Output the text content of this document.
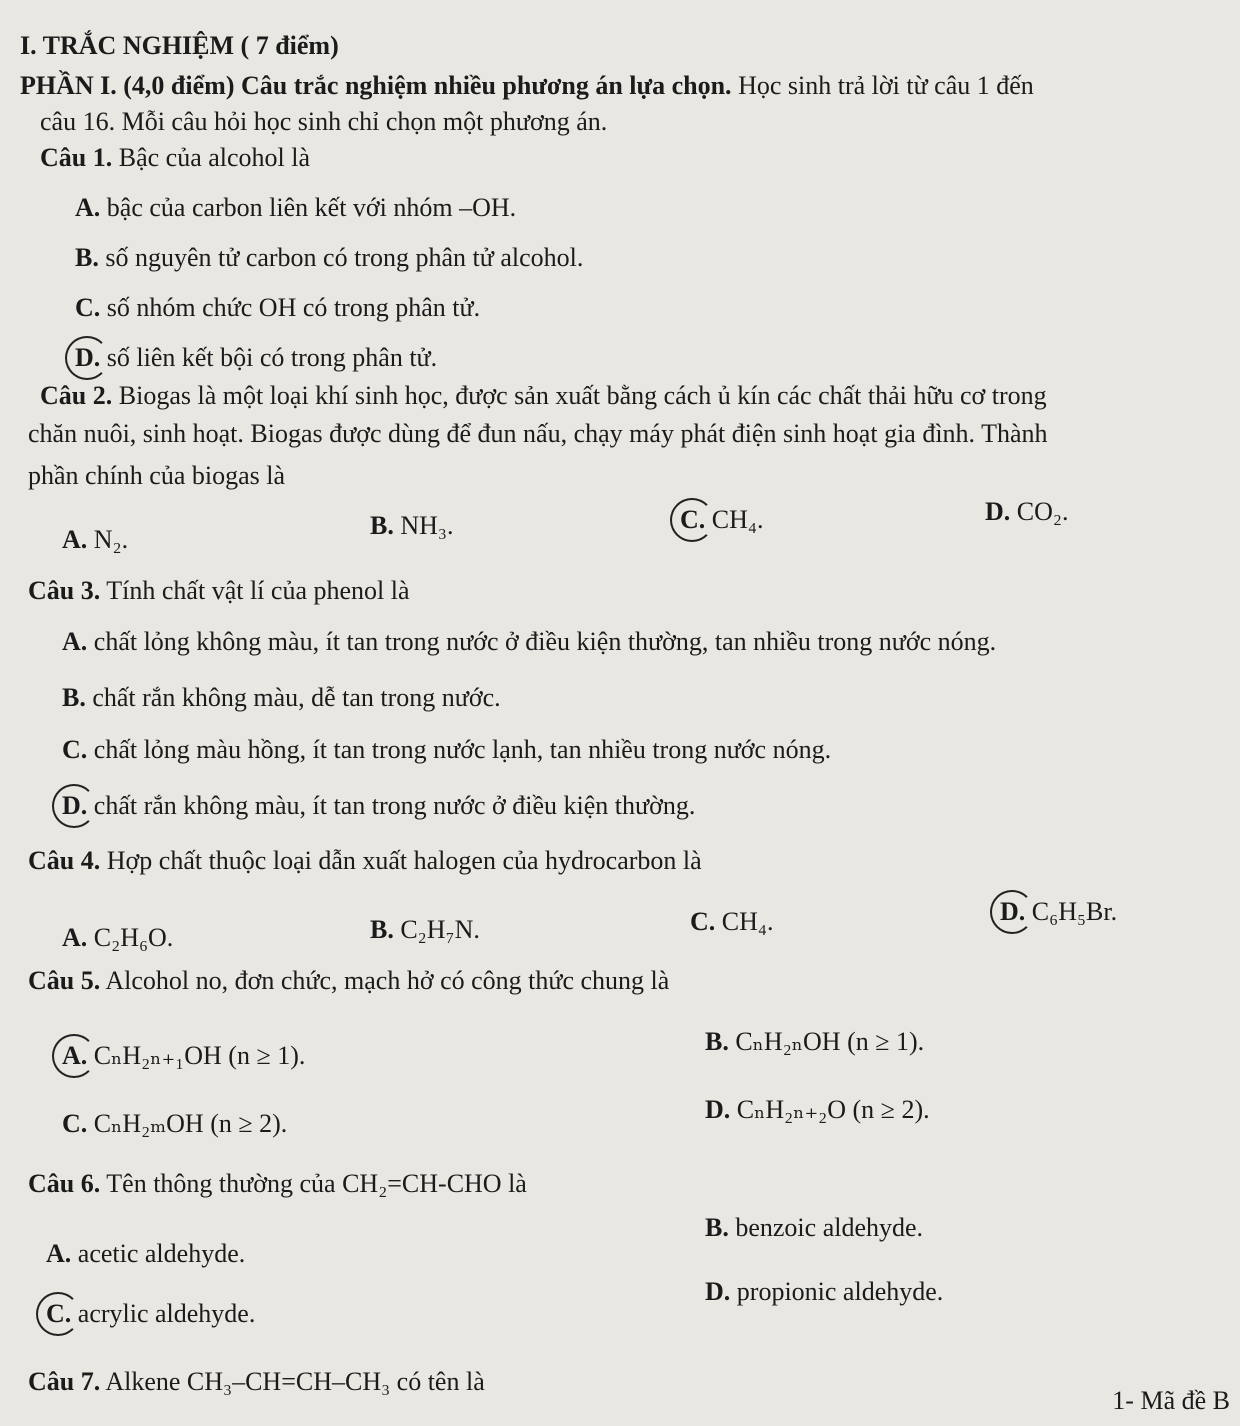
I. TRẮC NGHIỆM ( 7 điểm)
PHẦN I. (4,0 điểm) Câu trắc nghiệm nhiều phương án lựa chọn. Học sinh trả lời từ câu 1 đến
câu 16. Mỗi câu hỏi học sinh chỉ chọn một phương án.
Câu 1. Bậc của alcohol là
A. bậc của carbon liên kết với nhóm –OH.
B. số nguyên tử carbon có trong phân tử alcohol.
C. số nhóm chức OH có trong phân tử.
D. số liên kết bội có trong phân tử.
Câu 2. Biogas là một loại khí sinh học, được sản xuất bằng cách ủ kín các chất thải hữu cơ trong
chăn nuôi, sinh hoạt. Biogas được dùng để đun nấu, chạy máy phát điện sinh hoạt gia đình. Thành
phần chính của biogas là
A. N₂.	B. NH₃.	C. CH₄.	D. CO₂.
Câu 3. Tính chất vật lí của phenol là
A. chất lỏng không màu, ít tan trong nước ở điều kiện thường, tan nhiều trong nước nóng.
B. chất rắn không màu, dễ tan trong nước.
C. chất lỏng màu hồng, ít tan trong nước lạnh, tan nhiều trong nước nóng.
D. chất rắn không màu, ít tan trong nước ở điều kiện thường.
Câu 4. Hợp chất thuộc loại dẫn xuất halogen của hydrocarbon là
A. C₂H₆O.	B. C₂H₇N.	C. CH₄.	D. C₆H₅Br.
Câu 5. Alcohol no, đơn chức, mạch hở có công thức chung là
A. CₙH₂ₙ₊₁OH (n ≥ 1).	B. CₙH₂ₙOH (n ≥ 1).
C. CₙH₂ₘOH (n ≥ 2).	D. CₙH₂ₙ₊₂O (n ≥ 2).
Câu 6. Tên thông thường của CH₂=CH-CHO là
A. acetic aldehyde.
B. benzoic aldehyde.
C. acrylic aldehyde.
D. propionic aldehyde.
Câu 7. Alkene CH₃–CH=CH–CH₃ có tên là
1- Mã đề B
